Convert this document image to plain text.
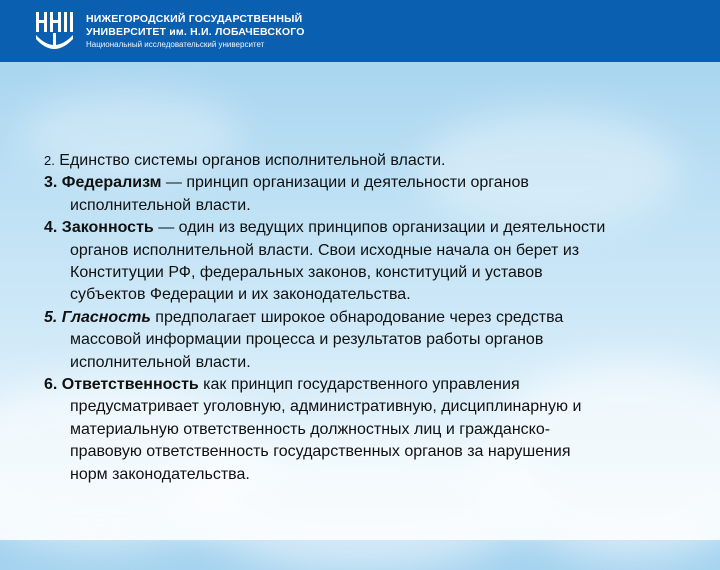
НИЖЕГОРОДСКИЙ ГОСУДАРСТВЕННЫЙ
УНИВЕРСИТЕТ им. Н.И. ЛОБАЧЕВСКОГО
Национальный исследовательский университет
2. Единство системы органов исполнительной власти.
3. Федерализм — принцип организации и деятельности органов
исполнительной власти.
4. Законность — один из ведущих принципов организации и деятельности
органов исполнительной власти. Свои исходные начала он берет из
Конституции РФ, федеральных законов, конституций и уставов
субъектов Федерации и их законодательства.
5. Гласность предполагает широкое обнародование через средства
массовой информации процесса и результатов работы органов
исполнительной власти.
6. Ответственность как принцип государственного управления
предусматривает уголовную, административную, дисциплинарную и
материальную ответственность должностных лиц и гражданско-
правовую ответственность государственных органов за нарушения
норм законодательства.
